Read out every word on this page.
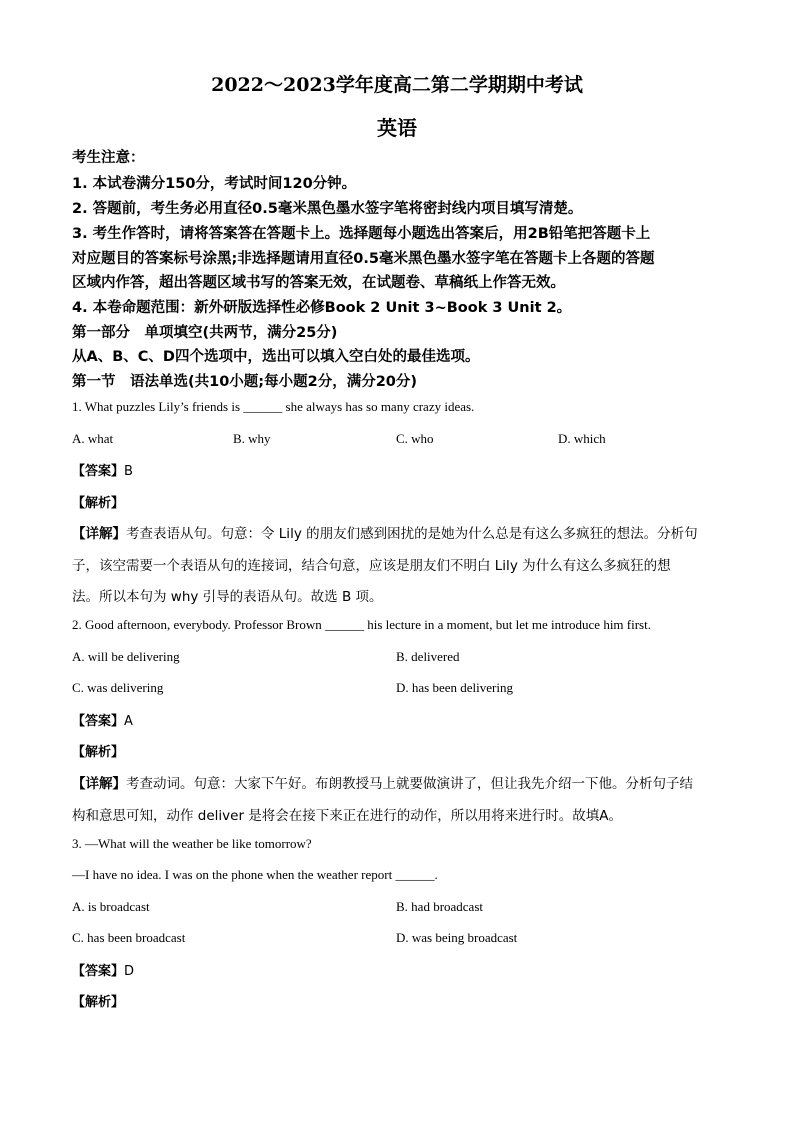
2022～2023学年度高二第二学期期中考试
英语
考生注意：
1. 本试卷满分150分，考试时间120分钟。
2. 答题前，考生务必用直径0.5毫米黑色墨水签字笔将密封线内项目填写清楚。
3. 考生作答时，请将答案答在答题卡上。选择题每小题选出答案后，用2B铅笔把答题卡上
对应题目的答案标号涂黑;非选择题请用直径0.5毫米黑色墨水签字笔在答题卡上各题的答题
区域内作答，超出答题区域书写的答案无效，在试题卷、草稿纸上作答无效。
4. 本卷命题范围：新外研版选择性必修Book 2 Unit 3~Book 3 Unit 2。
第一部分　单项填空(共两节，满分25分)
从A、B、C、D四个选项中，选出可以填入空白处的最佳选项。
第一节　语法单选(共10小题;每小题2分，满分20分)
1. What puzzles Lily’s friends is ______ she always has so many crazy ideas.
A. what	B. why	C. who	D. which
【答案】B
【解析】
【详解】考查表语从句。句意：令 Lily 的朋友们感到困扰的是她为什么总是有这么多疯狂的想法。分析句
子，该空需要一个表语从句的连接词，结合句意，应该是朋友们不明白 Lily 为什么有这么多疯狂的想
法。所以本句为 why 引导的表语从句。故选 B 项。
2. Good afternoon, everybody. Professor Brown ______ his lecture in a moment, but let me introduce him first.
A. will be delivering	B. delivered
C. was delivering	D. has been delivering
【答案】A
【解析】
【详解】考查动词。句意：大家下午好。布朗教授马上就要做演讲了，但让我先介绍一下他。分析句子结
构和意思可知，动作 deliver 是将会在接下来正在进行的动作，所以用将来进行时。故填A。
3. —What will the weather be like tomorrow?
—I have no idea. I was on the phone when the weather report ______.
A. is broadcast	B. had broadcast
C. has been broadcast	D. was being broadcast
【答案】D
【解析】
